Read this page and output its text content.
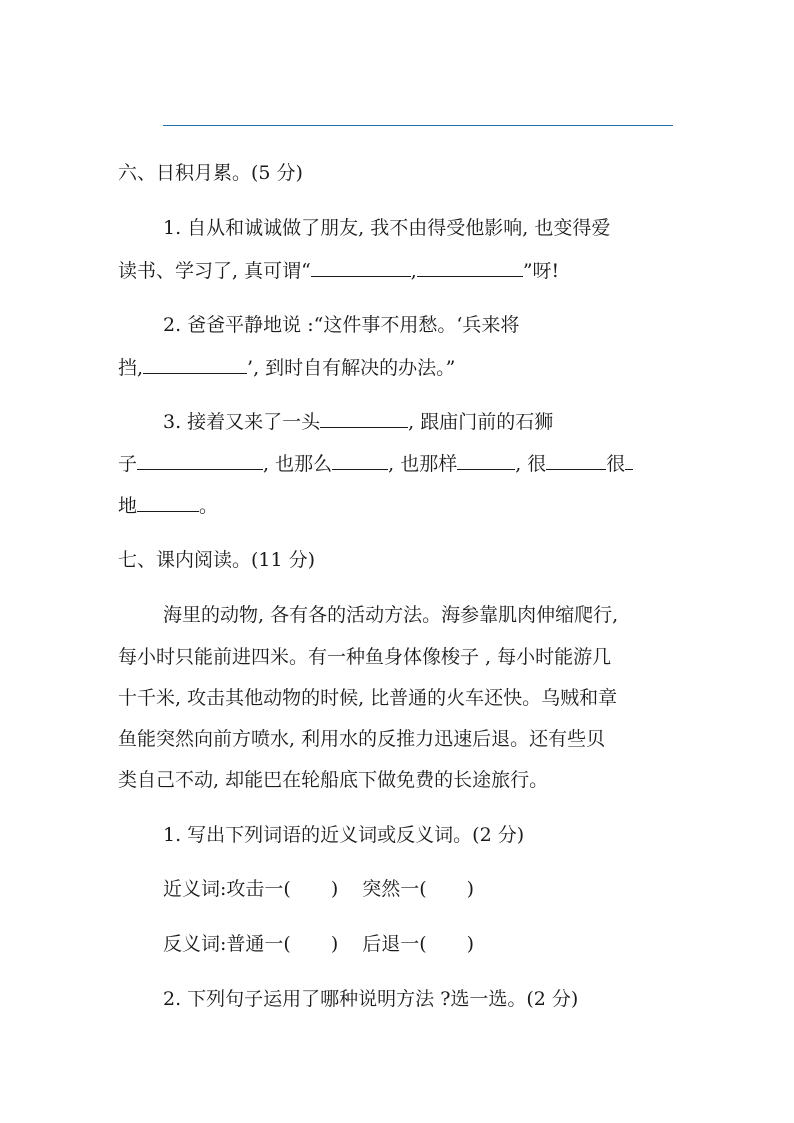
六、日积月累。(5 分)
1. 自从和诚诚做了朋友, 我不由得受他影响, 也变得爱
读书、学习了, 真可谓“	,	”呀!
2. 爸爸平静地说 :“这件事不用愁。‘兵来将
挡,	’, 到时自有解决的办法。”
3. 接着又来了一头	, 跟庙门前的石狮
子	, 也那么	, 也那样	, 很	很
地	。
七、课内阅读。(11 分)
海里的动物, 各有各的活动方法。海参靠肌肉伸缩爬行,
每小时只能前进四米。有一种鱼身体像梭子 , 每小时能游几
十千米, 攻击其他动物的时候, 比普通的火车还快。乌贼和章
鱼能突然向前方喷水, 利用水的反推力迅速后退。还有些贝
类自己不动, 却能巴在轮船底下做免费的长途旅行。
1. 写出下列词语的近义词或反义词。(2 分)
近义词:攻击一( ) 突然一( )
反义词:普通一( ) 后退一( )
2. 下列句子运用了哪种说明方法 ?选一选。(2 分)
